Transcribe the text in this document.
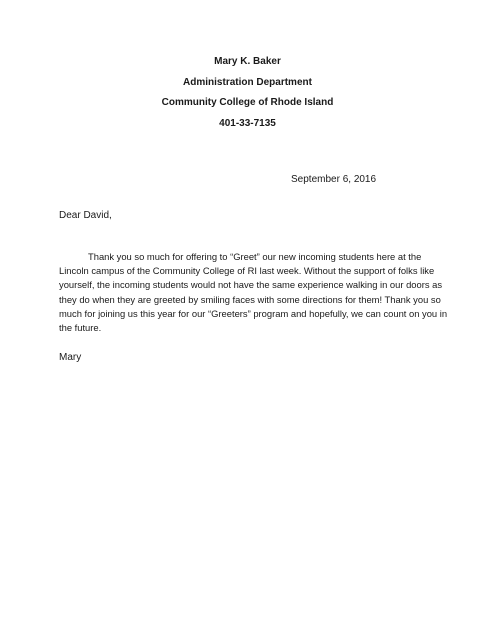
Mary K. Baker
Administration Department
Community College of Rhode Island
401-33-7135
September 6, 2016
Dear David,
Thank you so much for offering to “Greet” our new incoming students here at the
Lincoln campus of the Community College of RI last week. Without the support of folks like
yourself, the incoming students would not have the same experience walking in our doors as
they do when they are greeted by smiling faces with some directions for them! Thank you so
much for joining us this year for our “Greeters” program and hopefully, we can count on you in
the future.
Mary
